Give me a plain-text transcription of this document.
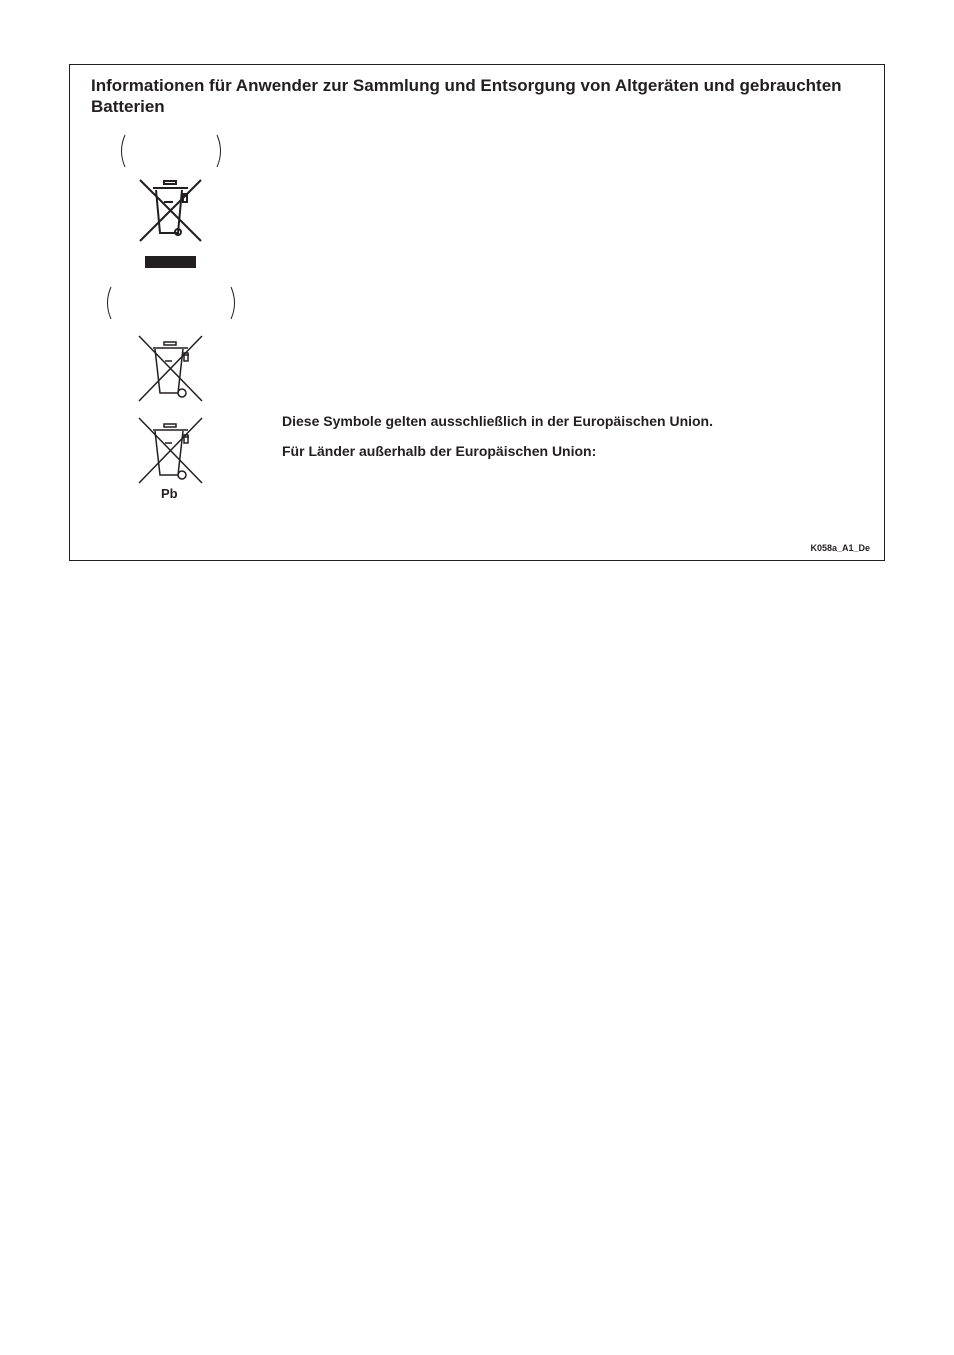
Informationen für Anwender zur Sammlung und Entsorgung von Altgeräten und gebrauchten Batterien
Pb

Diese Symbole gelten ausschließlich in der Europäischen Union.

Für Länder außerhalb der Europäischen Union:

K058a_A1_De
